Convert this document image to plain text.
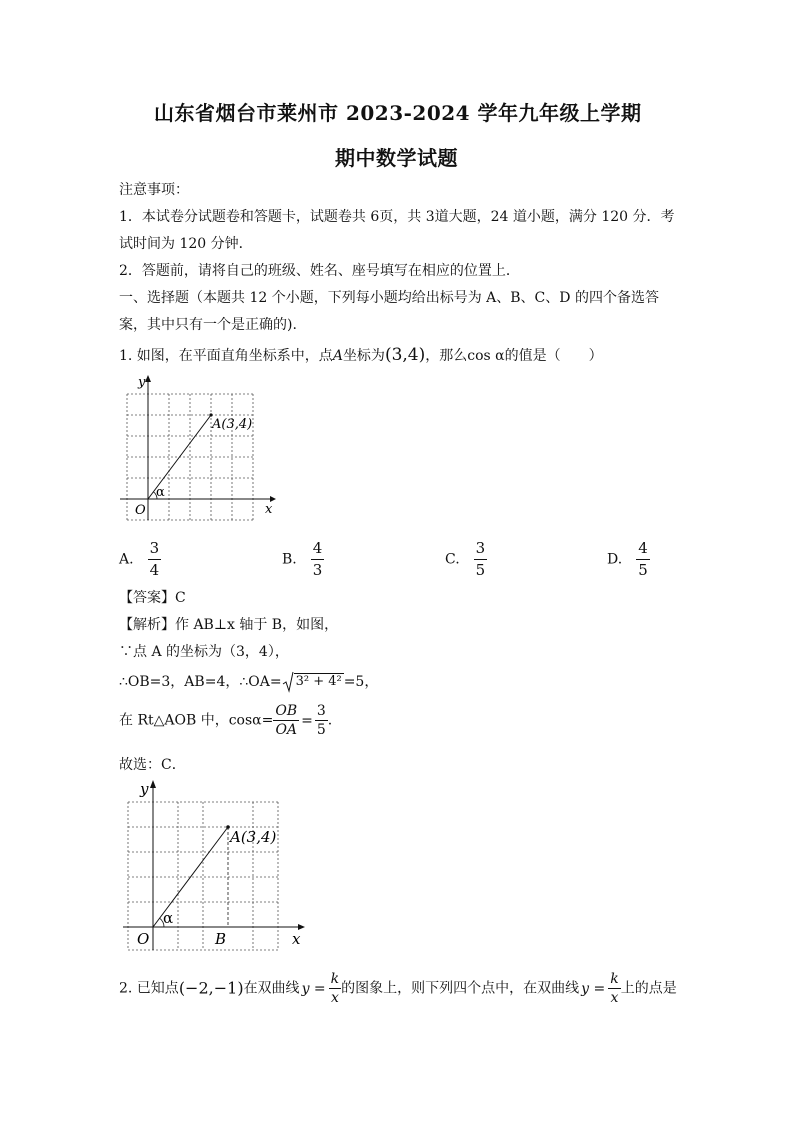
山东省烟台市莱州市 2023-2024 学年九年级上学期
期中数学试题
注意事项：
1．本试卷分试题卷和答题卡，试题卷共 6页，共 3道大题，24 道小题，满分 120 分．考
试时间为 120 分钟．
2．答题前，请将自己的班级、姓名、座号填写在相应的位置上．
一、选择题（本题共 12 个小题，下列每小题均给出标号为 A、B、C、D 的四个备选答
案，其中只有一个是正确的).
1. 如图，在平面直角坐标系中，点A坐标为(3,4)，那么cos α的值是（　　）
y
x
O
α
A(3,4)
A. $\frac{3}{4}$	B. $\frac{4}{3}$	C. $\frac{3}{5}$	D. $\frac{4}{5}$
【答案】C
【解析】作 AB⊥x 轴于 B，如图，
∵点 A 的坐标为（3，4），
∴OB=3，AB=4，∴OA= 3² + 4² =5，
在 Rt△AOB 中，$\cos\alpha= \frac{OB}{OA} = \frac{3}{5}$ .
故选：C．
y
x
O
α
B
A(3,4)
2. 已知点(−2,−1)在双曲线 $y = \frac{k}{x}$ 的图象上，则下列四个点中，在双曲线 $y = \frac{k}{x}$ 上的点是
